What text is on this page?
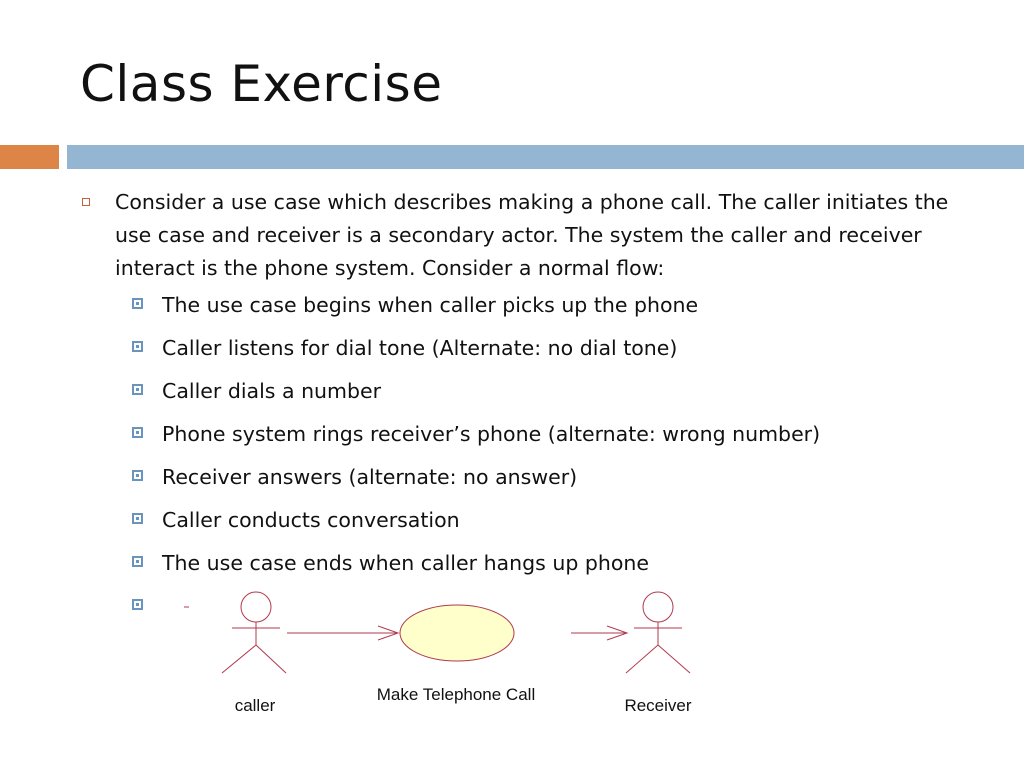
Class Exercise

Consider a use case which describes making a phone call. The caller initiates the use case and receiver is a secondary actor. The system the caller and receiver interact is the phone system. Consider a normal flow:

The use case begins when caller picks up the phone
Caller listens for dial tone (Alternate: no dial tone)
Caller dials a number
Phone system rings receiver’s phone (alternate: wrong number)
Receiver answers (alternate: no answer)
Caller conducts conversation
The use case ends when caller hangs up phone
caller
Make Telephone Call
Receiver
